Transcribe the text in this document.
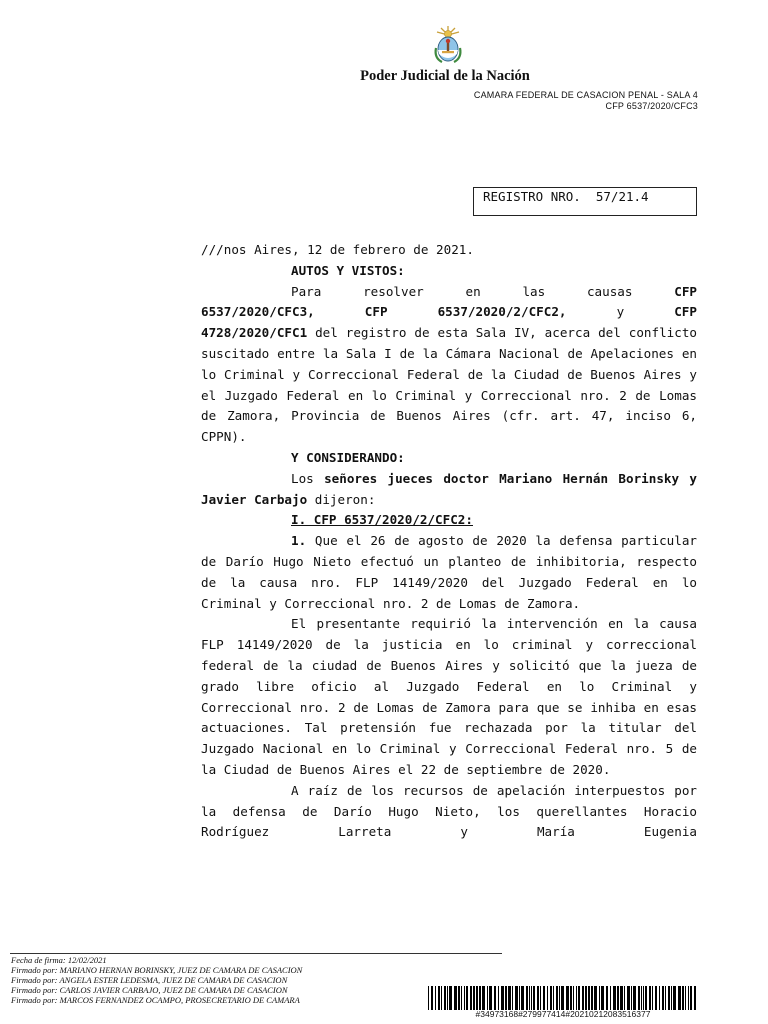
Poder Judicial de la Nación
CAMARA FEDERAL DE CASACION PENAL - SALA 4
CFP 6537/2020/CFC3
REGISTRO NRO.  57/21.4

///nos Aires, 12 de febrero de 2021.

AUTOS Y VISTOS:

Para resolver en las causas CFP

6537/2020/CFC3,	CFP 6537/2020/2/CFC2,	y	CFP

4728/2020/CFC1 del registro de esta Sala IV, acerca del conflicto suscitado entre la Sala I de la Cámara Nacional de Apelaciones en lo Criminal y Correccional Federal de la Ciudad de Buenos Aires y el Juzgado Federal en lo Criminal y Correccional nro. 2 de Lomas de Zamora, Provincia de Buenos Aires (cfr. art. 47, inciso 6, CPPN).

Y CONSIDERANDO:

Los señores jueces doctor Mariano Hernán Borinsky y Javier Carbajo dijeron:

I. CFP 6537/2020/2/CFC2:

1. Que el 26 de agosto de 2020 la defensa particular de Darío Hugo Nieto efectuó un planteo de inhibitoria, respecto de la causa nro. FLP 14149/2020 del Juzgado Federal en lo Criminal y Correccional nro. 2 de Lomas de Zamora.

El presentante requirió la intervención en la causa FLP 14149/2020 de la justicia en lo criminal y correccional federal de la ciudad de Buenos Aires y solicitó que la jueza de grado libre oficio al Juzgado Federal en lo Criminal y Correccional nro. 2 de Lomas de Zamora para que se inhiba en esas actuaciones. Tal pretensión fue rechazada por la titular del Juzgado Nacional en lo Criminal y Correccional Federal nro. 5 de la Ciudad de Buenos Aires el 22 de septiembre de 2020.

A raíz de los recursos de apelación interpuestos por la defensa de Darío Hugo Nieto, los querellantes Horacio Rodríguez Larreta y María Eugenia

Fecha de firma: 12/02/2021
Firmado por: MARIANO HERNAN BORINSKY, JUEZ DE CAMARA DE CASACION
Firmado por: ANGELA ESTER LEDESMA, JUEZ DE CAMARA DE CASACION
Firmado por: CARLOS JAVIER CARBAJO, JUEZ DE CAMARA DE CASACION
Firmado por: MARCOS FERNANDEZ OCAMPO, PROSECRETARIO DE CAMARA
#34973168#279977414#20210212083516377
